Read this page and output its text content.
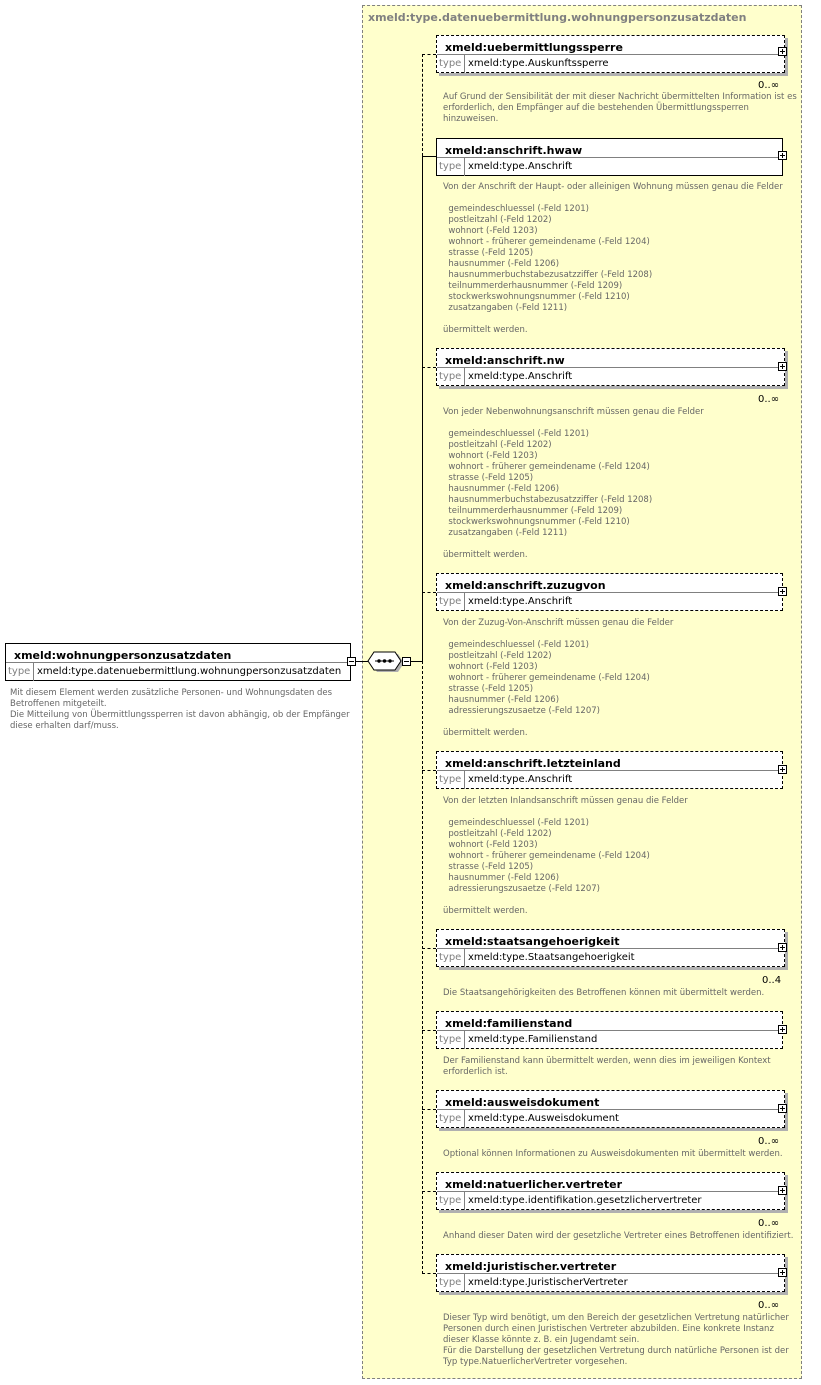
xmeld:type.datenuebermittlung.wohnungpersonzusatzdaten
xmeld:wohnungpersonzusatzdaten
type xmeld:type.datenuebermittlung.wohnungpersonzusatzdaten
Mit diesem Element werden zusätzliche Personen- und Wohnungsdaten des
Betroffenen mitgeteilt.
Die Mitteilung von Übermittlungssperren ist davon abhängig, ob der Empfänger
diese erhalten darf/muss.
xmeld:uebermittlungssperre
type xmeld:type.Auskunftssperre
0..∞
Auf Grund der Sensibilität der mit dieser Nachricht übermittelten Information ist es
erforderlich, den Empfänger auf die bestehenden Übermittlungssperren
hinzuweisen.
xmeld:anschrift.hwaw
type xmeld:type.Anschrift
Von der Anschrift der Haupt- oder alleinigen Wohnung müssen genau die Felder

gemeindeschluessel (-Feld 1201)
postleitzahl (-Feld 1202)
wohnort (-Feld 1203)
wohnort - früherer gemeindename (-Feld 1204)
strasse (-Feld 1205)
hausnummer (-Feld 1206)
hausnummerbuchstabezusatzziffer (-Feld 1208)
teilnummerderhausnummer (-Feld 1209)
stockwerkswohnungsnummer (-Feld 1210)
zusatzangaben (-Feld 1211)

übermittelt werden.
xmeld:anschrift.nw
type xmeld:type.Anschrift
0..∞
Von jeder Nebenwohnungsanschrift müssen genau die Felder

gemeindeschluessel (-Feld 1201)
postleitzahl (-Feld 1202)
wohnort (-Feld 1203)
wohnort - früherer gemeindename (-Feld 1204)
strasse (-Feld 1205)
hausnummer (-Feld 1206)
hausnummerbuchstabezusatzziffer (-Feld 1208)
teilnummerderhausnummer (-Feld 1209)
stockwerkswohnungsnummer (-Feld 1210)
zusatzangaben (-Feld 1211)

übermittelt werden.
xmeld:anschrift.zuzugvon
type xmeld:type.Anschrift
Von der Zuzug-Von-Anschrift müssen genau die Felder

gemeindeschluessel (-Feld 1201)
postleitzahl (-Feld 1202)
wohnort (-Feld 1203)
wohnort - früherer gemeindename (-Feld 1204)
strasse (-Feld 1205)
hausnummer (-Feld 1206)
adressierungszusaetze (-Feld 1207)

übermittelt werden.
xmeld:anschrift.letzteinland
type xmeld:type.Anschrift
Von der letzten Inlandsanschrift müssen genau die Felder

gemeindeschluessel (-Feld 1201)
postleitzahl (-Feld 1202)
wohnort (-Feld 1203)
wohnort - früherer gemeindename (-Feld 1204)
strasse (-Feld 1205)
hausnummer (-Feld 1206)
adressierungszusaetze (-Feld 1207)

übermittelt werden.
xmeld:staatsangehoerigkeit
type xmeld:type.Staatsangehoerigkeit
0..4
Die Staatsangehörigkeiten des Betroffenen können mit übermittelt werden.
xmeld:familienstand
type xmeld:type.Familienstand
Der Familienstand kann übermittelt werden, wenn dies im jeweiligen Kontext
erforderlich ist.
xmeld:ausweisdokument
type xmeld:type.Ausweisdokument
0..∞
Optional können Informationen zu Ausweisdokumenten mit übermittelt werden.
xmeld:natuerlicher.vertreter
type xmeld:type.identifikation.gesetzlichervertreter
0..∞
Anhand dieser Daten wird der gesetzliche Vertreter eines Betroffenen identifiziert.
xmeld:juristischer.vertreter
type xmeld:type.JuristischerVertreter
0..∞
Dieser Typ wird benötigt, um den Bereich der gesetzlichen Vertretung natürlicher
Personen durch einen Juristischen Vertreter abzubilden. Eine konkrete Instanz
dieser Klasse könnte z. B. ein Jugendamt sein.
Für die Darstellung der gesetzlichen Vertretung durch natürliche Personen ist der
Typ type.NatuerlicherVertreter vorgesehen.
